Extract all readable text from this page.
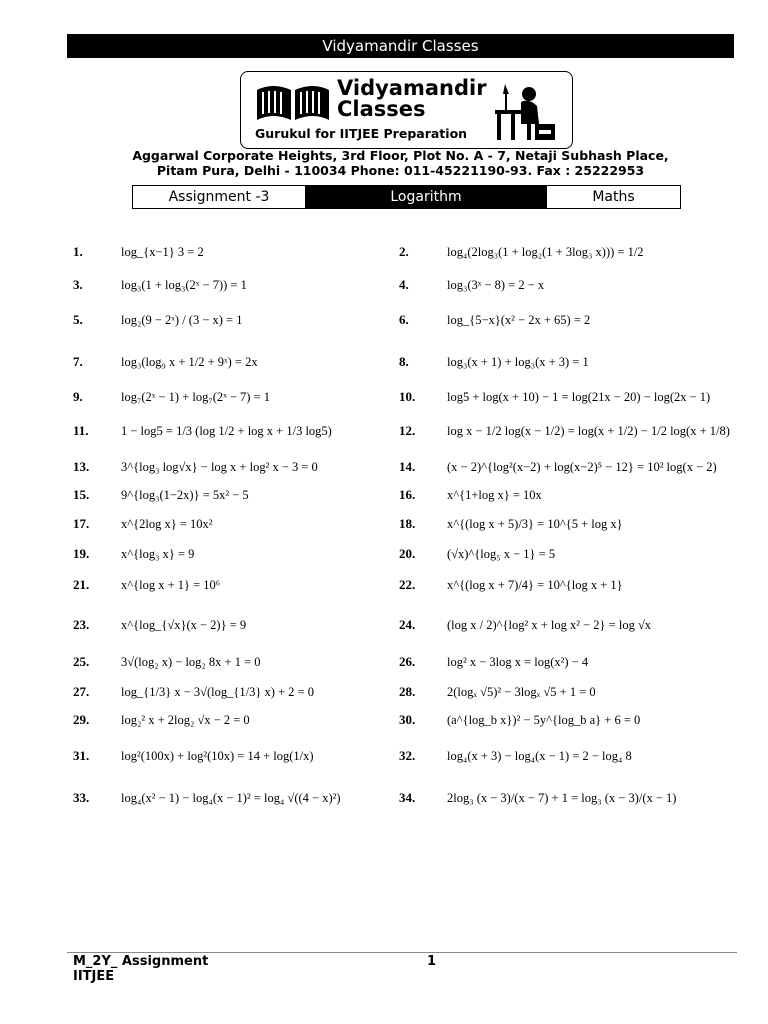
Vidyamandir Classes
Vidyamandir
Classes
Gurukul for IITJEE Preparation
Aggarwal Corporate Heights, 3rd Floor, Plot No. A - 7, Netaji Subhash Place,
Pitam Pura, Delhi - 110034 Phone: 011-45221190-93. Fax : 25222953
Assignment -3	Logarithm	Maths
1.	log_{x−1} 3 = 2	2.	log₄(2log₃(1 + log₂(1 + 3log₃ x))) = 1/2
3.	log₃(1 + log₃(2ˣ − 7)) = 1	4.	log₃(3ˣ − 8) = 2 − x
5.	log₂(9 − 2ˣ) / (3 − x) = 1	6.	log_{5−x}(x² − 2x + 65) = 2
7.	log₃(log₉ x + 1/2 + 9ˣ) = 2x	8.	log₃(x + 1) + log₃(x + 3) = 1
9.	log₇(2ˣ − 1) + log₇(2ˣ − 7) = 1	10.	log5 + log(x + 10) − 1 = log(21x − 20) − log(2x − 1)
11.	1 − log5 = 1/3 (log 1/2 + log x + 1/3 log5)	12.	log x − 1/2 log(x − 1/2) = log(x + 1/2) − 1/2 log(x + 1/8)
13.	3^{log₃ log√x} − log x + log² x − 3 = 0	14.	(x − 2)^{log²(x−2) + log(x−2)⁵ − 12} = 10² log(x − 2)
15.	9^{log₃(1−2x)} = 5x² − 5	16.	x^{1+log x} = 10x
17.	x^{2log x} = 10x²	18.	x^{(log x + 5)/3} = 10^{5 + log x}
19.	x^{log₃ x} = 9	20.	(√x)^{log₅ x − 1} = 5
21.	x^{log x + 1} = 10⁶	22.	x^{(log x + 7)/4} = 10^{log x + 1}
23.	x^{log_{√x}(x − 2)} = 9	24.	(log x / 2)^{log² x + log x² − 2} = log √x
25.	3√(log₂ x) − log₂ 8x + 1 = 0	26.	log² x − 3log x = log(x²) − 4
27.	log_{1/3} x − 3√(log_{1/3} x) + 2 = 0	28.	2(logₓ √5)² − 3logₓ √5 + 1 = 0
29.	log₂² x + 2log₂ √x − 2 = 0	30.	(a^{log_b x})² − 5y^{log_b a} + 6 = 0
31.	log²(100x) + log²(10x) = 14 + log(1/x)	32.	log₄(x + 3) − log₄(x − 1) = 2 − log₄ 8
33.	log₄(x² − 1) − log₄(x − 1)² = log₄ √((4 − x)²)	34.	2log₃ (x − 3)/(x − 7) + 1 = log₃ (x − 3)/(x − 1)
M_2Y_ Assignment
IITJEE
1
